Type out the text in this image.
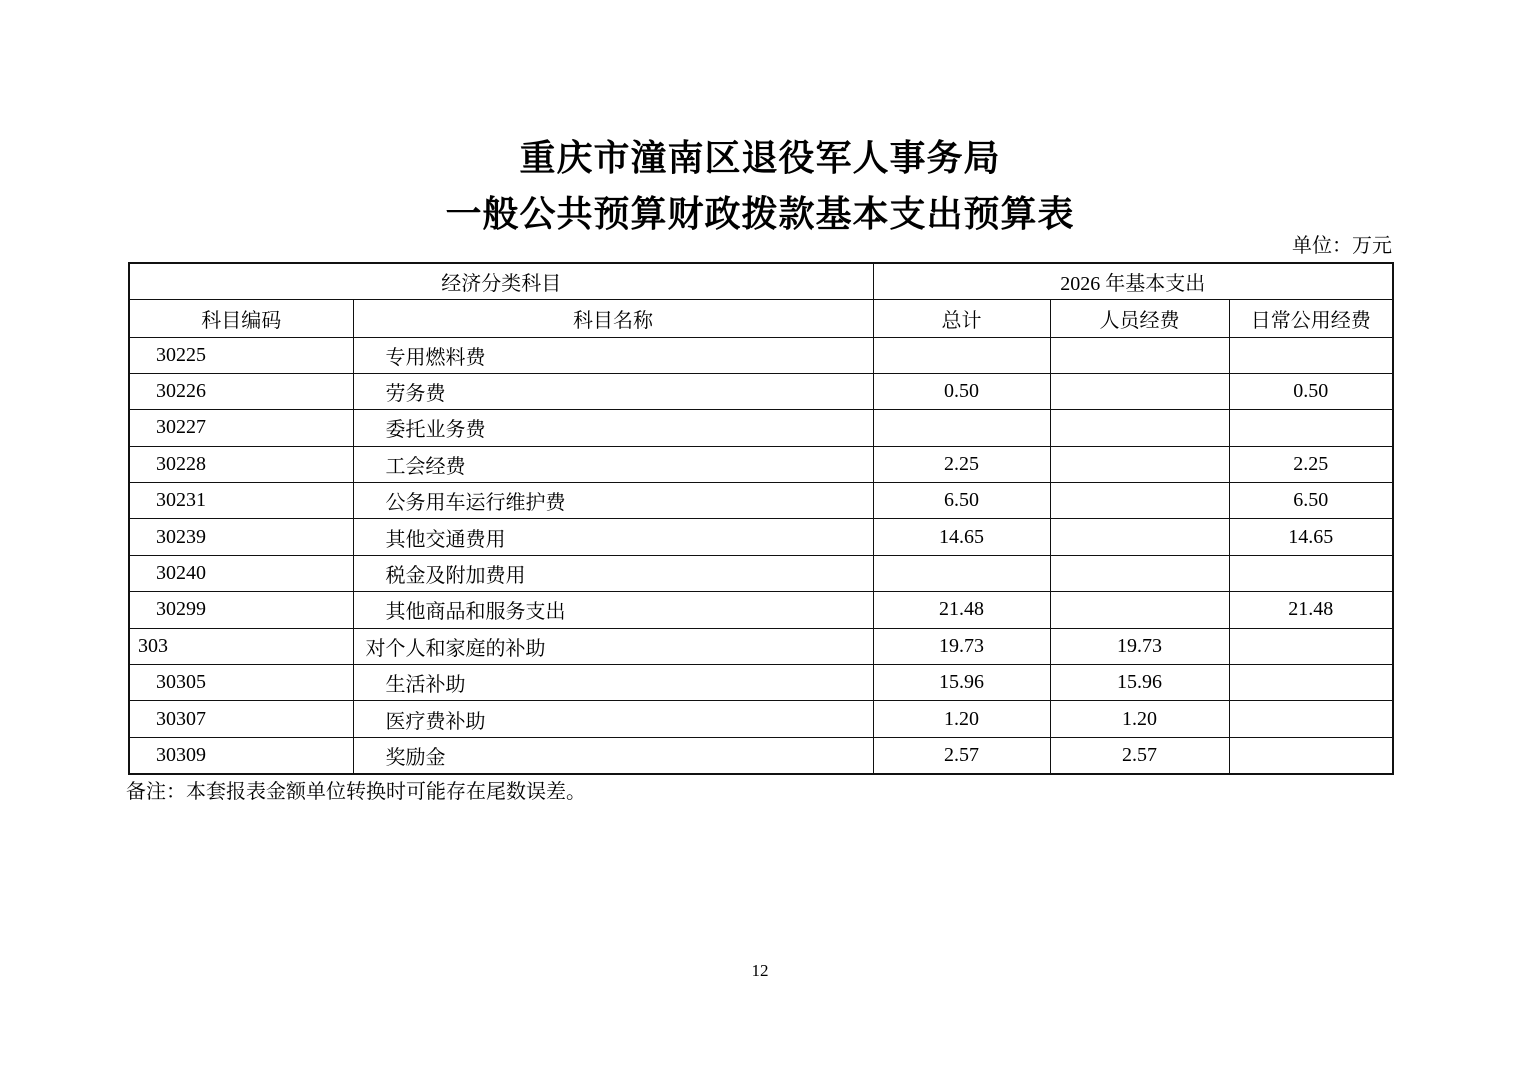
重庆市潼南区退役军人事务局
一般公共预算财政拨款基本支出预算表
单位：万元
经济分类科目		2026 年基本支出		
科目编码	科目名称	总计	人员经费	日常公用经费
30225	专用燃料费			
30226	劳务费	0.50		0.50
30227	委托业务费			
30228	工会经费	2.25		2.25
30231	公务用车运行维护费	6.50		6.50
30239	其他交通费用	14.65		14.65
30240	税金及附加费用			
30299	其他商品和服务支出	21.48		21.48
303	对个人和家庭的补助	19.73	19.73	
30305	生活补助	15.96	15.96	
30307	医疗费补助	1.20	1.20	
30309	奖励金	2.57	2.57	
备注：本套报表金额单位转换时可能存在尾数误差。
12
